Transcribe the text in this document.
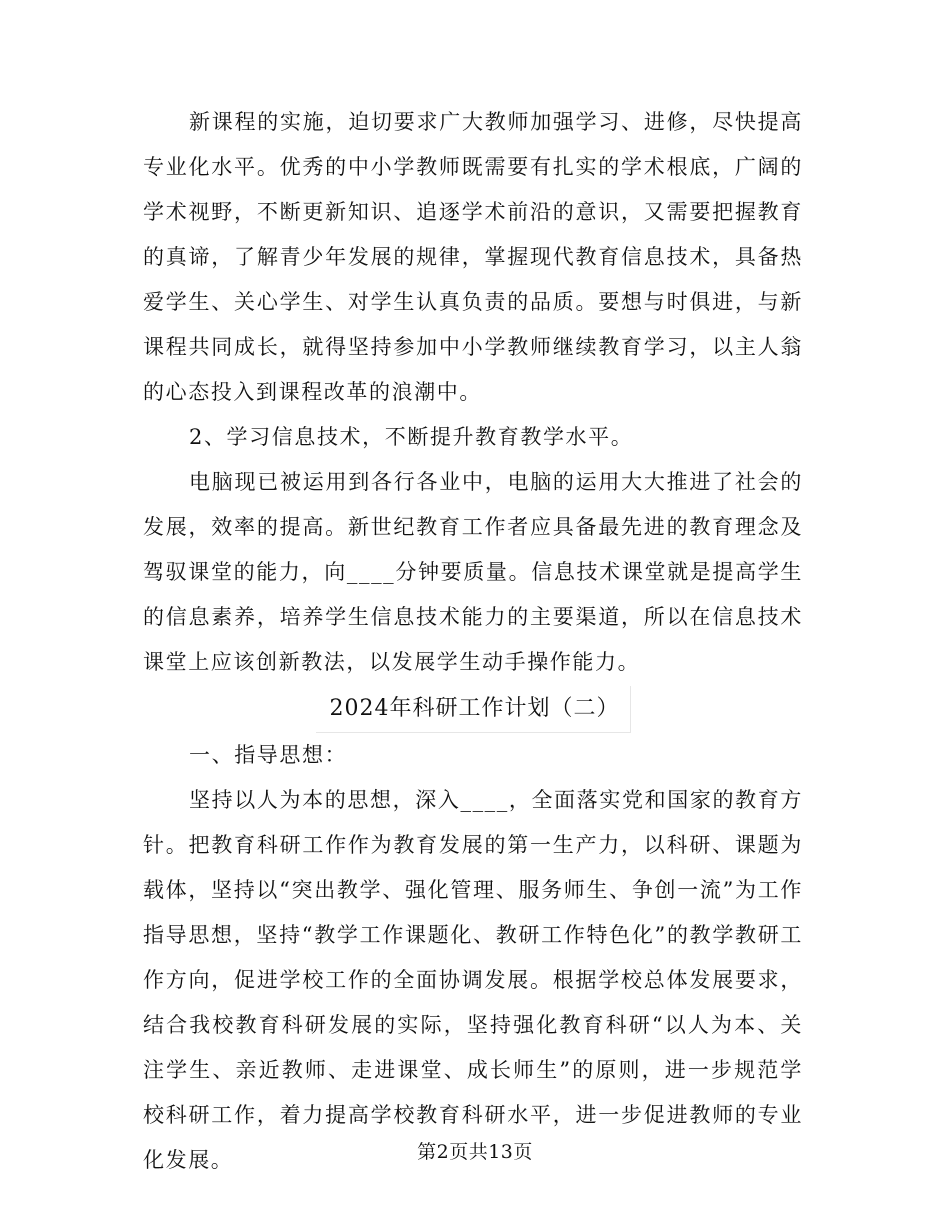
新课程的实施，迫切要求广大教师加强学习、进修，尽快提高专业化水平。优秀的中小学教师既需要有扎实的学术根底，广阔的学术视野，不断更新知识、追逐学术前沿的意识，又需要把握教育的真谛，了解青少年发展的规律，掌握现代教育信息技术，具备热爱学生、关心学生、对学生认真负责的品质。要想与时俱进，与新课程共同成长，就得坚持参加中小学教师继续教育学习，以主人翁的心态投入到课程改革的浪潮中。

2、学习信息技术，不断提升教育教学水平。

电脑现已被运用到各行各业中，电脑的运用大大推进了社会的发展，效率的提高。新世纪教育工作者应具备最先进的教育理念及驾驭课堂的能力，向____分钟要质量。信息技术课堂就是提高学生的信息素养，培养学生信息技术能力的主要渠道，所以在信息技术课堂上应该创新教法，以发展学生动手操作能力。

2024年科研工作计划（二）

一、指导思想：

坚持以人为本的思想，深入____，全面落实党和国家的教育方针。把教育科研工作作为教育发展的第一生产力，以科研、课题为载体，坚持以“突出教学、强化管理、服务师生、争创一流”为工作指导思想，坚持“教学工作课题化、教研工作特色化”的教学教研工作方向，促进学校工作的全面协调发展。根据学校总体发展要求，结合我校教育科研发展的实际，坚持强化教育科研“以人为本、关注学生、亲近教师、走进课堂、成长师生”的原则，进一步规范学校科研工作，着力提高学校教育科研水平，进一步促进教师的专业化发展。	第2页共13页
